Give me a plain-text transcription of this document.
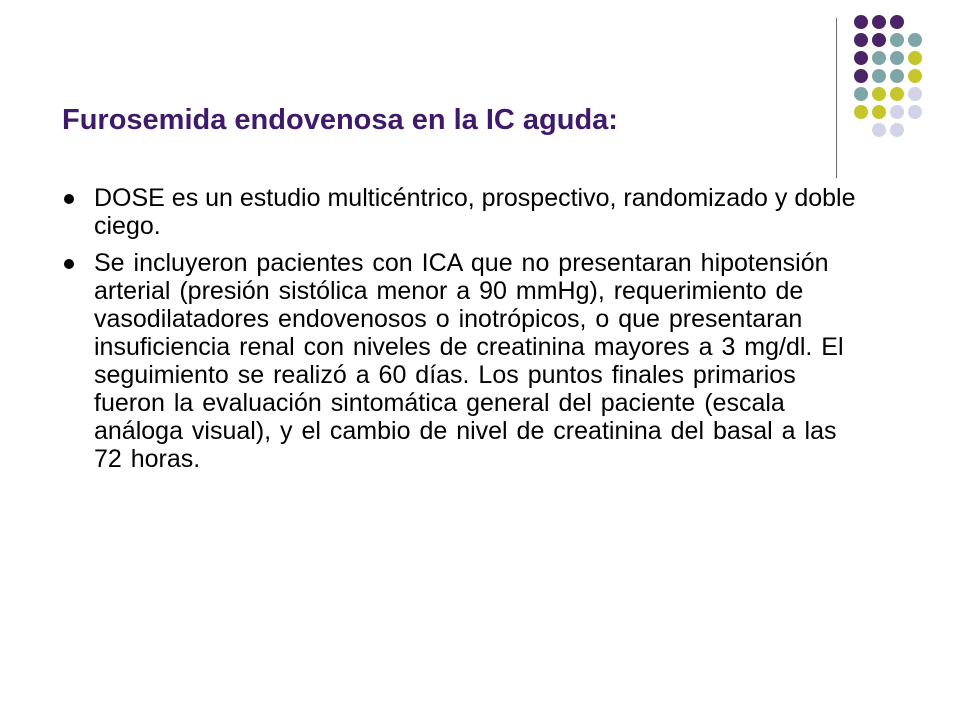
Furosemida endovenosa en la IC aguda:
DOSE es un estudio multicéntrico, prospectivo, randomizado y doble ciego.
Se incluyeron pacientes con ICA que no presentaran hipotensión arterial (presión sistólica menor a 90 mmHg), requerimiento de vasodilatadores endovenosos o inotrópicos, o que presentaran insuficiencia renal con niveles de creatinina mayores a 3 mg/dl. El seguimiento se realizó a 60 días. Los puntos finales primarios fueron la evaluación sintomática general del paciente (escala análoga visual), y el cambio de nivel de creatinina del basal a las 72 horas.
